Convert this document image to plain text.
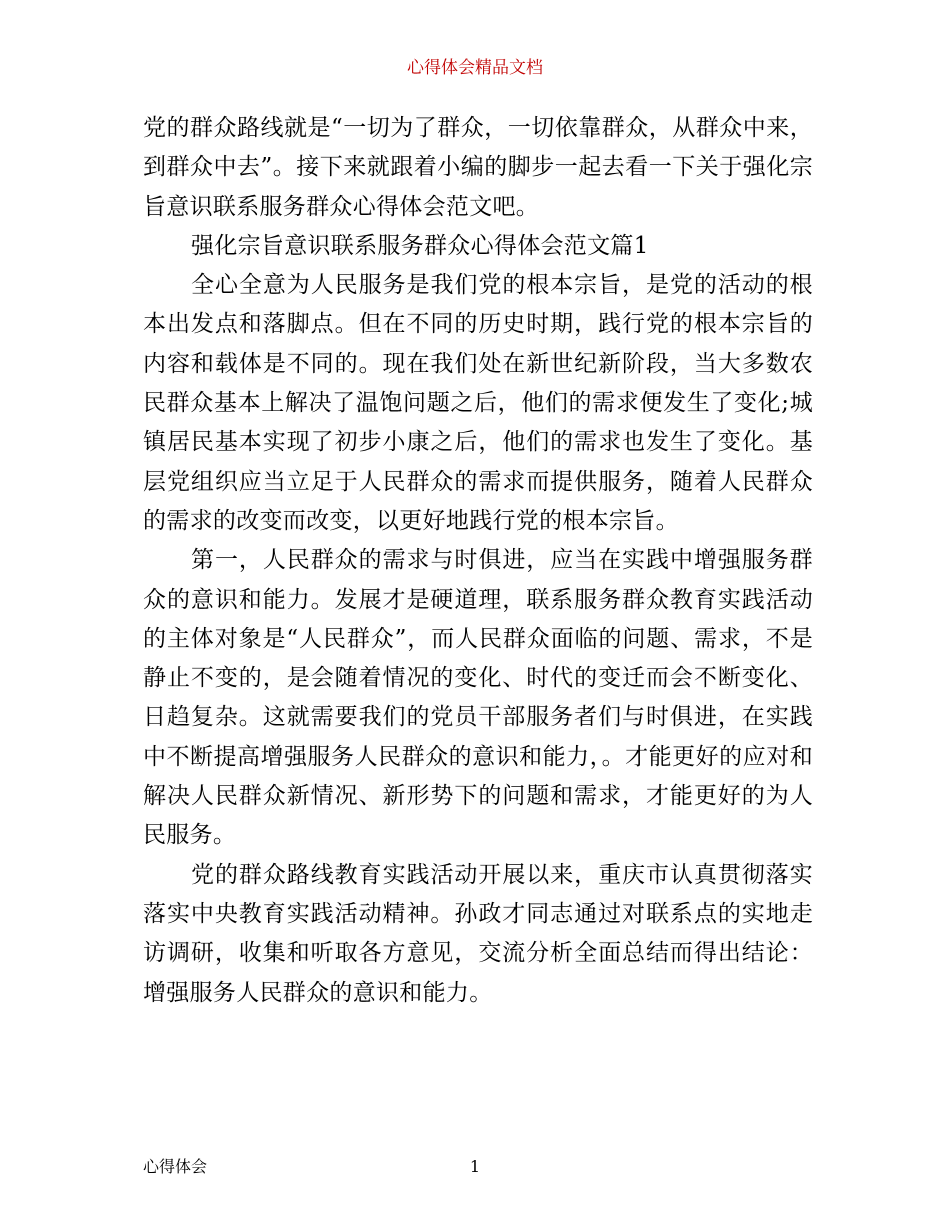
心得体会精品文档

党的群众路线就是“一切为了群众，一切依靠群众，从群众中来，到群众中去”。接下来就跟着小编的脚步一起去看一下关于强化宗旨意识联系服务群众心得体会范文吧。

强化宗旨意识联系服务群众心得体会范文篇1

全心全意为人民服务是我们党的根本宗旨，是党的活动的根本出发点和落脚点。但在不同的历史时期，践行党的根本宗旨的内容和载体是不同的。现在我们处在新世纪新阶段，当大多数农民群众基本上解决了温饱问题之后，他们的需求便发生了变化;城镇居民基本实现了初步小康之后，他们的需求也发生了变化。基层党组织应当立足于人民群众的需求而提供服务，随着人民群众的需求的改变而改变，以更好地践行党的根本宗旨。

第一，人民群众的需求与时俱进，应当在实践中增强服务群众的意识和能力。发展才是硬道理，联系服务群众教育实践活动的主体对象是“人民群众”，而人民群众面临的问题、需求，不是静止不变的，是会随着情况的变化、时代的变迁而会不断变化、日趋复杂。这就需要我们的党员干部服务者们与时俱进，在实践中不断提高增强服务人民群众的意识和能力，。才能更好的应对和解决人民群众新情况、新形势下的问题和需求，才能更好的为人民服务。

党的群众路线教育实践活动开展以来，重庆市认真贯彻落实落实中央教育实践活动精神。孙政才同志通过对联系点的实地走访调研，收集和听取各方意见，交流分析全面总结而得出结论：增强服务人民群众的意识和能力。

心得体会	1
